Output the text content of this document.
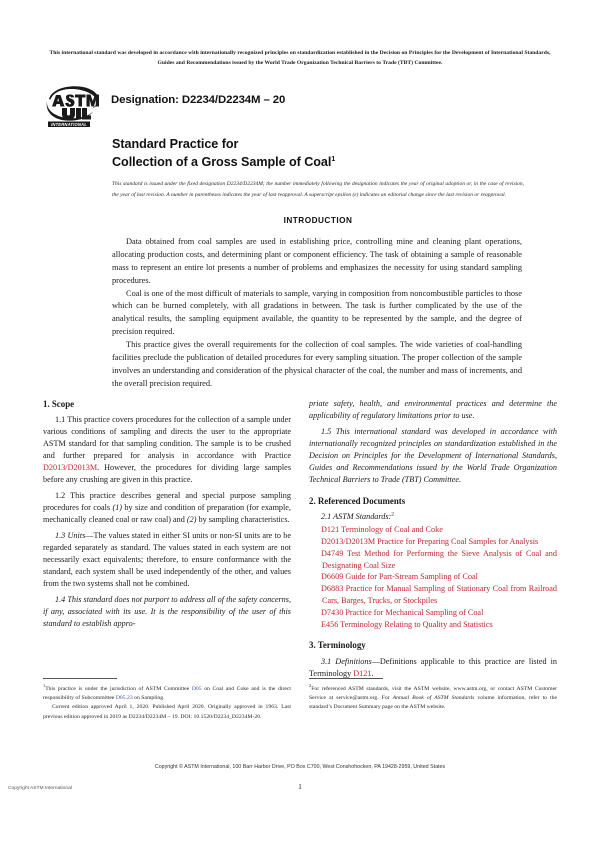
This international standard was developed in accordance with internationally recognized principles on standardization established in the Decision on Principles for the Development of International Standards, Guides and Recommendations issued by the World Trade Organization Technical Barriers to Trade (TBT) Committee.
INTERNATIONAL
Designation: D2234/D2234M – 20
Standard Practice for
Collection of a Gross Sample of Coal$^1$
This standard is issued under the fixed designation D2234/D2234M; the number immediately following the designation indicates the year of original adoption or, in the case of revision, the year of last revision. A number in parentheses indicates the year of last reapproval. A superscript epsilon (ε) indicates an editorial change since the last revision or reapproval.
INTRODUCTION

Data obtained from coal samples are used in establishing price, controlling mine and cleaning plant operations, allocating production costs, and determining plant or component efficiency. The task of obtaining a sample of reasonable mass to represent an entire lot presents a number of problems and emphasizes the necessity for using standard sampling procedures.

Coal is one of the most difficult of materials to sample, varying in composition from noncombustible particles to those which can be burned completely, with all gradations in between. The task is further complicated by the use of the analytical results, the sampling equipment available, the quantity to be represented by the sample, and the degree of precision required.

This practice gives the overall requirements for the collection of coal samples. The wide varieties of coal-handling facilities preclude the publication of detailed procedures for every sampling situation. The proper collection of the sample involves an understanding and consideration of the physical character of the coal, the number and mass of increments, and the overall precision required.

1. Scope

1.1 This practice covers procedures for the collection of a sample under various conditions of sampling and directs the user to the appropriate ASTM standard for that sampling condition. The sample is to be crushed and further prepared for analysis in accordance with Practice D2013/D2013M. However, the procedures for dividing large samples before any crushing are given in this practice.

1.2 This practice describes general and special purpose sampling procedures for coals (1) by size and condition of preparation (for example, mechanically cleaned coal or raw coal) and (2) by sampling characteristics.

1.3 Units—The values stated in either SI units or non-SI units are to be regarded separately as standard. The values stated in each system are not necessarily exact equivalents; therefore, to ensure conformance with the standard, each system shall be used independently of the other, and values from the two systems shall not be combined.

1.4 This standard does not purport to address all of the safety concerns, if any, associated with its use. It is the responsibility of the user of this standard to establish appro-

priate safety, health, and environmental practices and determine the applicability of regulatory limitations prior to use.

1.5 This international standard was developed in accordance with internationally recognized principles on standardization established in the Decision on Principles for the Development of International Standards, Guides and Recommendations issued by the World Trade Organization Technical Barriers to Trade (TBT) Committee.

2. Referenced Documents

2.1 ASTM Standards:$^2$

D121 Terminology of Coal and Coke

D2013/D2013M Practice for Preparing Coal Samples for Analysis

D4749 Test Method for Performing the Sieve Analysis of Coal and Designating Coal Size

D6609 Guide for Part-Stream Sampling of Coal

D6883 Practice for Manual Sampling of Stationary Coal from Railroad Cars, Barges, Trucks, or Stockpiles

D7430 Practice for Mechanical Sampling of Coal

E456 Terminology Relating to Quality and Statistics

3. Terminology

3.1 Definitions—Definitions applicable to this practice are listed in Terminology D121.

$^1$This practice is under the jurisdiction of ASTM Committee D05 on Coal and Coke and is the direct responsibility of Subcommittee D05.23 on Sampling.

Current edition approved April 1, 2020. Published April 2020. Originally approved in 1963. Last previous edition approved in 2019 as D2234/D2234M – 19. DOI: 10.1520/D2234_D2234M-20.

$^2$For referenced ASTM standards, visit the ASTM website, www.astm.org, or contact ASTM Customer Service at service@astm.org. For Annual Book of ASTM Standards volume information, refer to the standard’s Document Summary page on the ASTM website.

Copyright © ASTM International, 100 Barr Harbor Drive, PO Box C700, West Conshohocken, PA 19428-2959, United States
Copyright ASTM International	1
